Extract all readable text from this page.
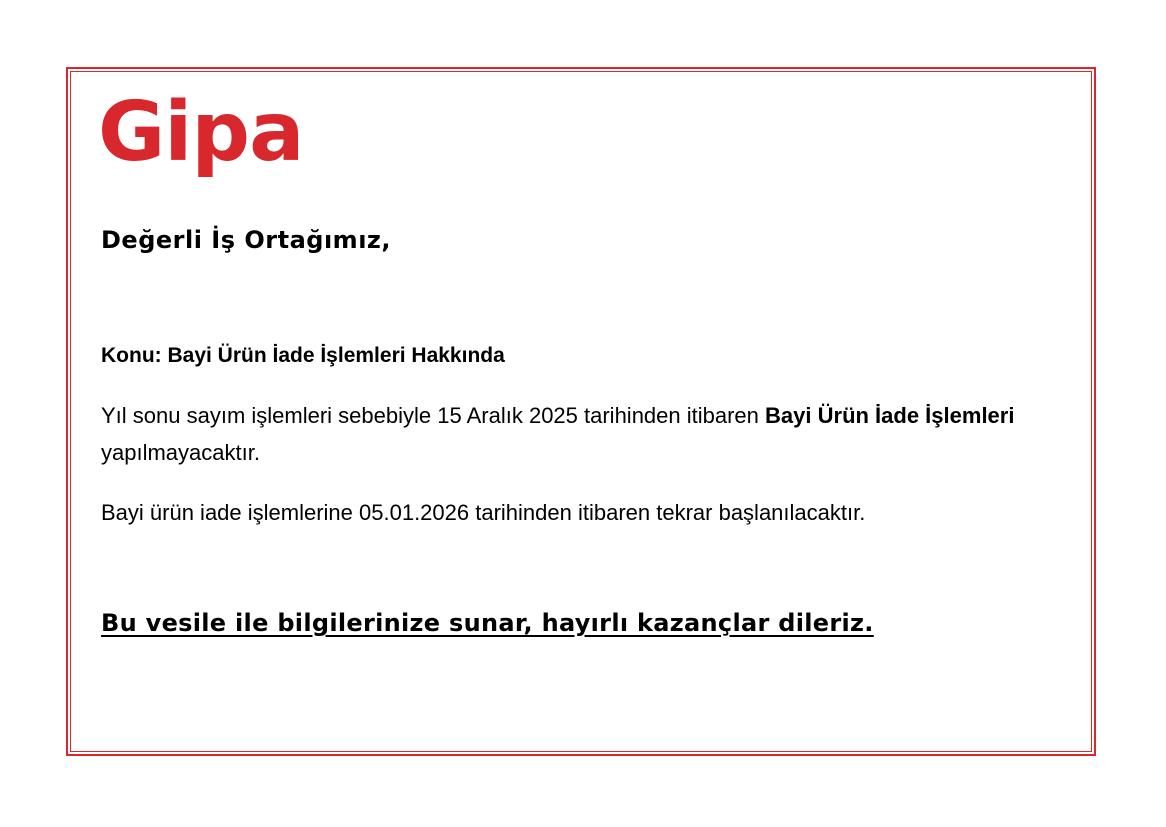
Gipa
Değerli İş Ortağımız,

Konu: Bayi Ürün İade İşlemleri Hakkında

Yıl sonu sayım işlemleri sebebiyle 15 Aralık 2025 tarihinden itibaren Bayi Ürün İade İşlemleri yapılmayacaktır.

Bayi ürün iade işlemlerine 05.01.2026 tarihinden itibaren tekrar başlanılacaktır.

Bu vesile ile bilgilerinize sunar, hayırlı kazançlar dileriz.
